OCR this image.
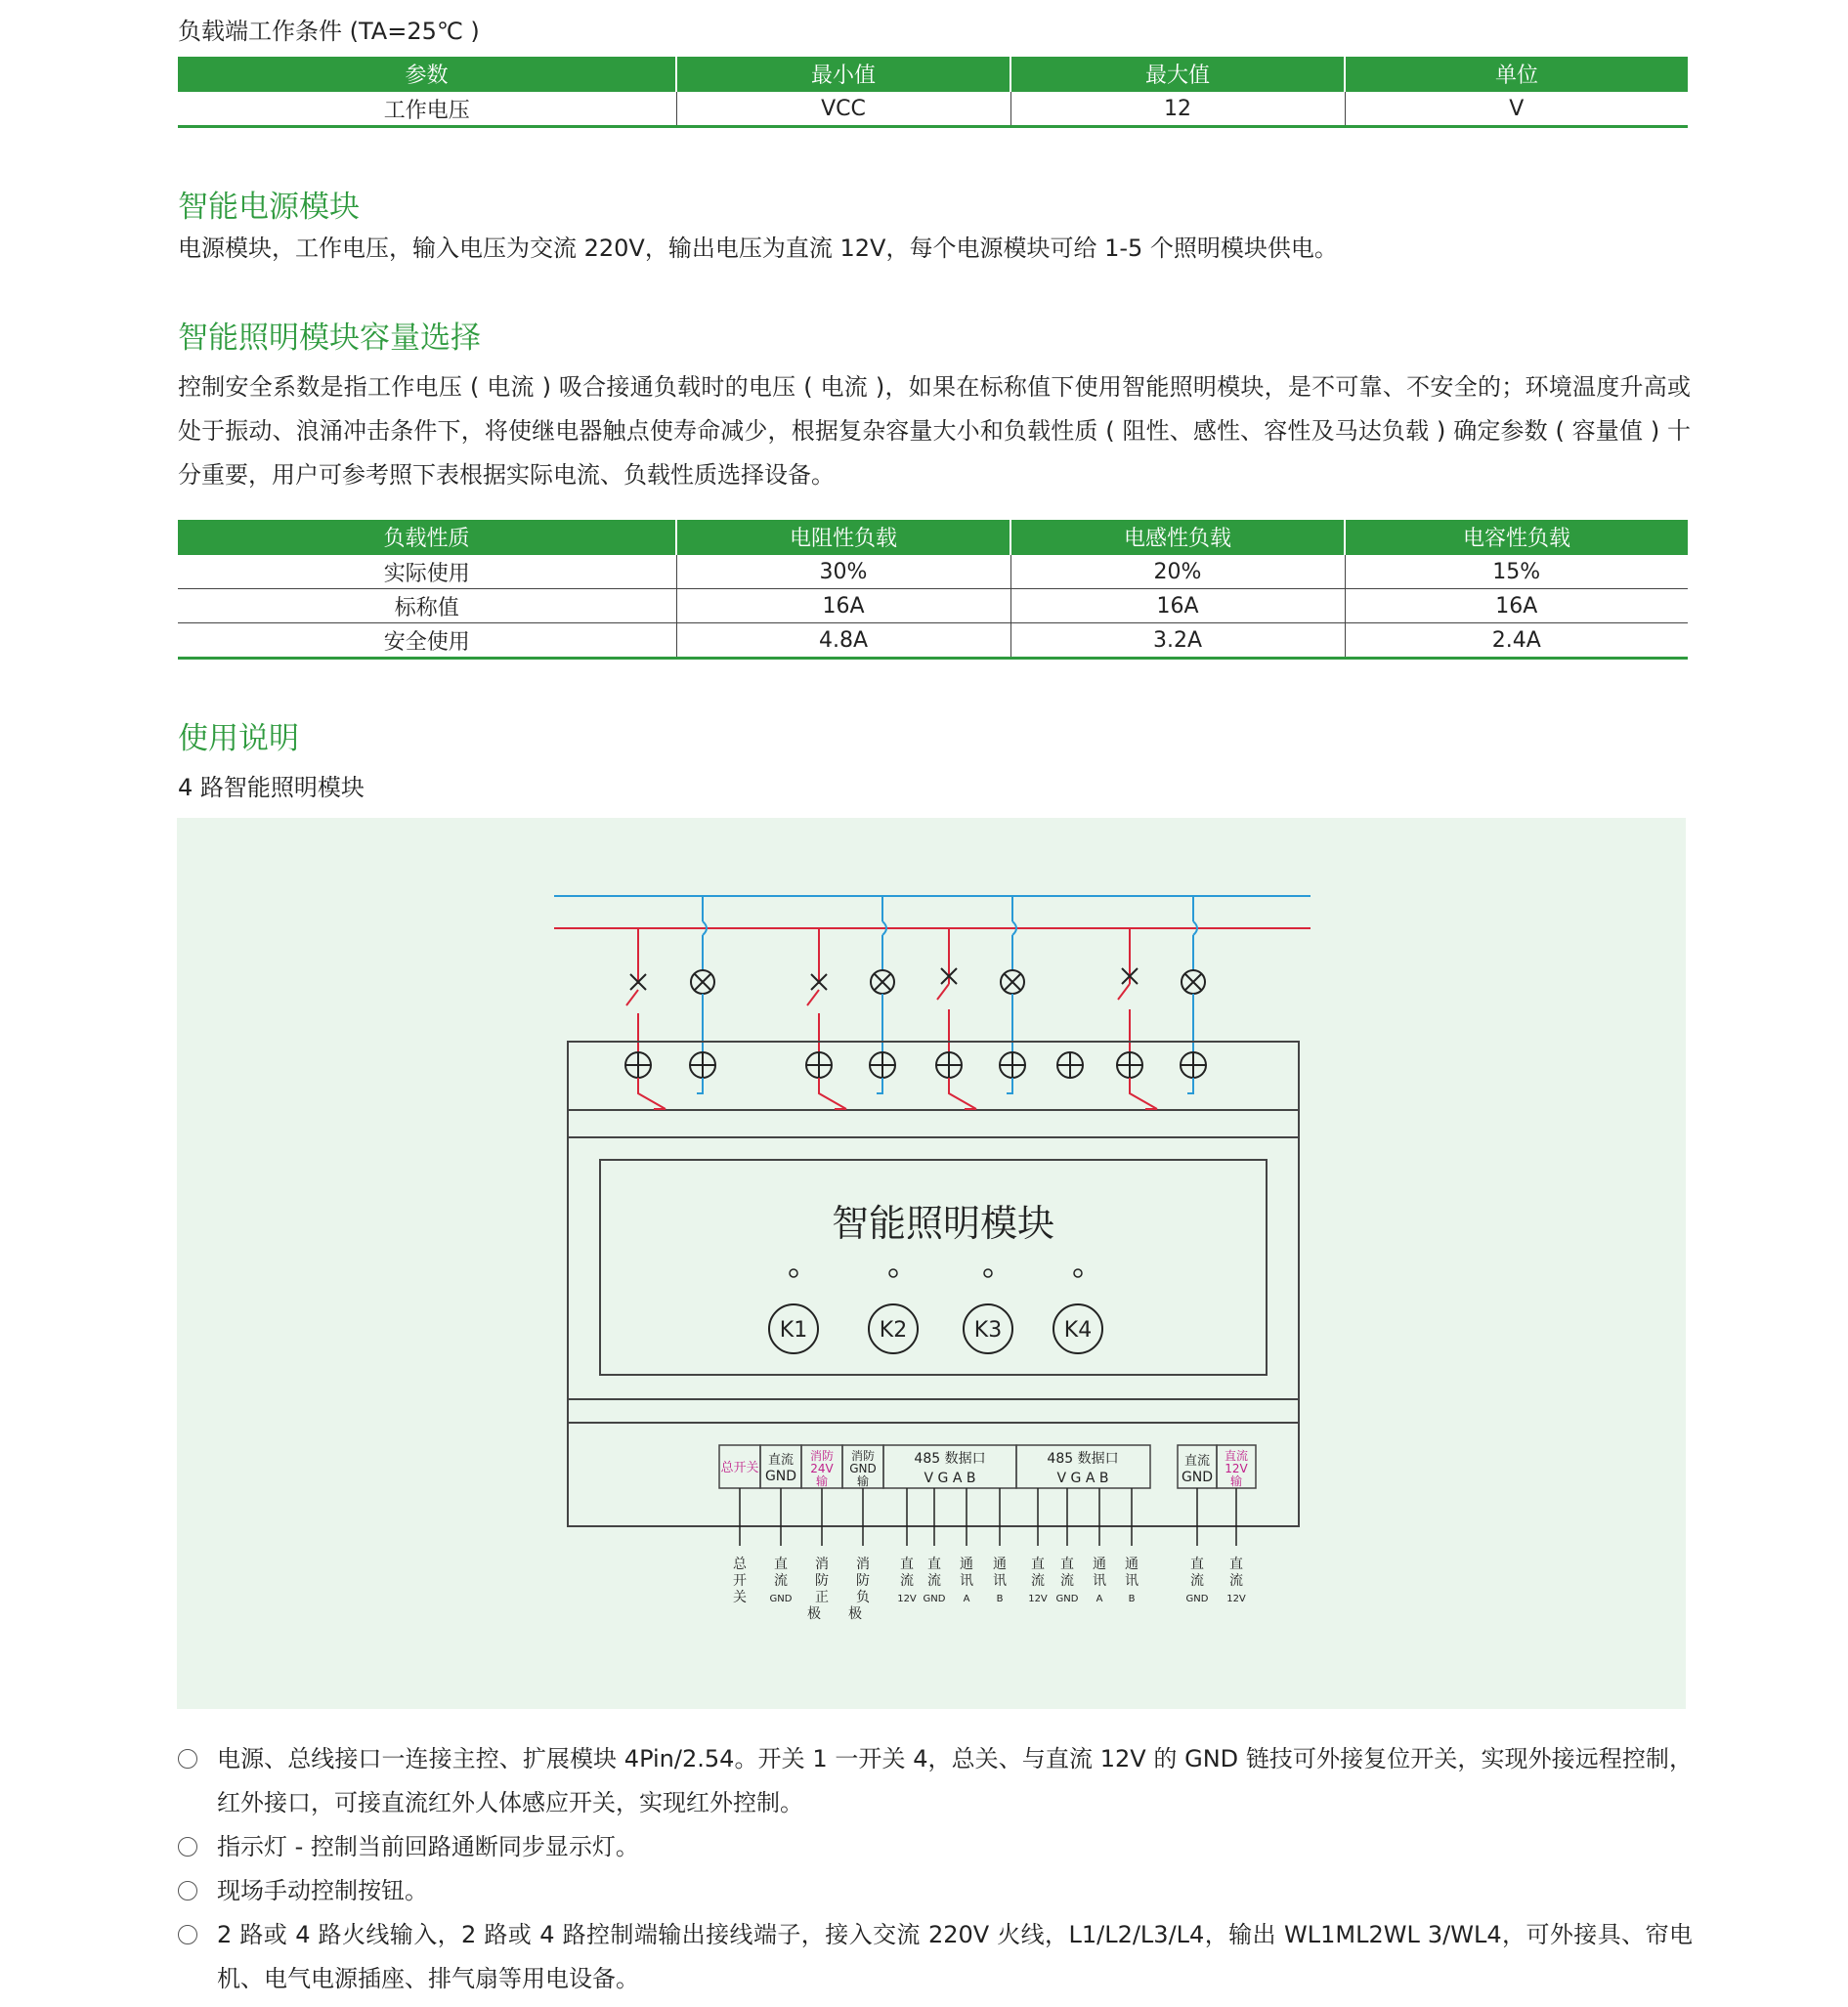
负载端工作条件 (TA=25℃ )
参数	最小值	最大值	单位
工作电压	VCC	12	V
智能电源模块
电源模块，工作电压，输入电压为交流 220V，输出电压为直流 12V，每个电源模块可给 1-5 个照明模块供电。
智能照明模块容量选择
控制安全系数是指工作电压 ( 电流 ) 吸合接通负载时的电压 ( 电流 )，如果在标称值下使用智能照明模块，是不可靠、不安全的；环境温度升高或处于振动、浪涌冲击条件下，将使继电器触点使寿命减少，根据复杂容量大小和负载性质 ( 阻性、感性、容性及马达负载 ) 确定参数 ( 容量值 ) 十分重要，用户可参考照下表根据实际电流、负载性质选择设备。
负载性质	电阻性负载	电感性负载	电容性负载
实际使用	30%	20%	15%
标称值	16A	16A	16A
安全使用	4.8A	3.2A	2.4A
使用说明
4 路智能照明模块
智能照明模块
K1	K2	K3	K4
总开关
直流
GND
消防
24V
输
消防
GND
输
485 数据口
V G A B
485 数据口
V G A B
直流
GND
直流
12V
输
总
开
关
直
流
GND
消
防
正
极
消
防
负
极
直
流
12V
直
流
GND
通
讯
A
通
讯
B
直
流
12V
直
流
GND
通
讯
A
通
讯
B
直
流
GND
直
流
12V
电源、总线接口一连接主控、扩展模块 4Pin/2.54。开关 1 一开关 4，总关、与直流 12V 的 GND 链技可外接复位开关，实现外接远程控制，红外接口，可接直流红外人体感应开关，实现红外控制。
指示灯 - 控制当前回路通断同步显示灯。
现场手动控制按钮。
2 路或 4 路火线输入，2 路或 4 路控制端输出接线端子，接入交流 220V 火线，L1/L2/L3/L4，输出 WL1ML2WL 3/WL4，可外接具、帘电机、电气电源插座、排气扇等用电设备。
